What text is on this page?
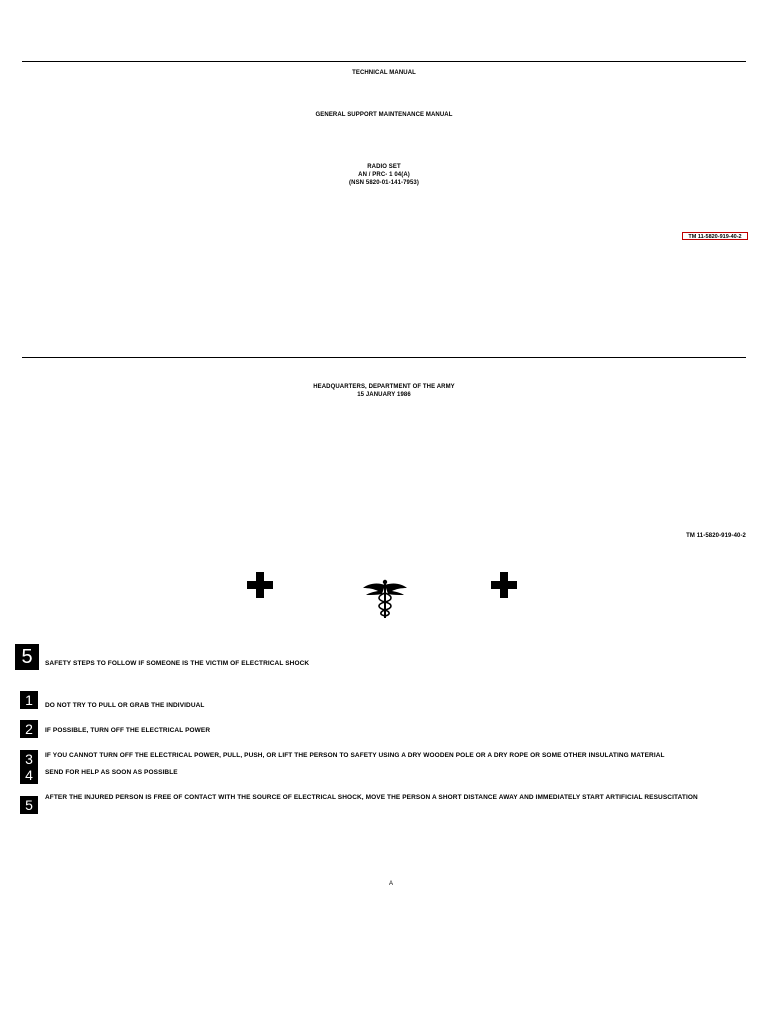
TM 11-5820-919-40-2
TECHNICAL MANUAL
GENERAL SUPPORT MAINTENANCE MANUAL
RADIO SET
AN / PRC- 1 04(A)
(NSN 5820-01-141-7953)
HEADQUARTERS, DEPARTMENT OF THE ARMY
15 JANUARY 1986
TM 11-5820-919-40-2
5	SAFETY STEPS TO FOLLOW IF SOMEONE IS THE VICTIM OF ELECTRICAL SHOCK
1	DO NOT TRY TO PULL OR GRAB THE INDIVIDUAL
2	IF POSSIBLE, TURN OFF THE ELECTRICAL POWER
3
4
IF YOU CANNOT TURN OFF THE ELECTRICAL POWER, PULL, PUSH, OR LIFT THE PERSON TO SAFETY USING A DRY WOODEN POLE OR A DRY ROPE OR SOME OTHER INSULATING MATERIAL
SEND FOR HELP AS SOON AS POSSIBLE
5	AFTER THE INJURED PERSON IS FREE OF CONTACT WITH THE SOURCE OF ELECTRICAL SHOCK, MOVE THE PERSON A SHORT DISTANCE AWAY AND IMMEDIATELY START ARTIFICIAL RESUSCITATION
A
